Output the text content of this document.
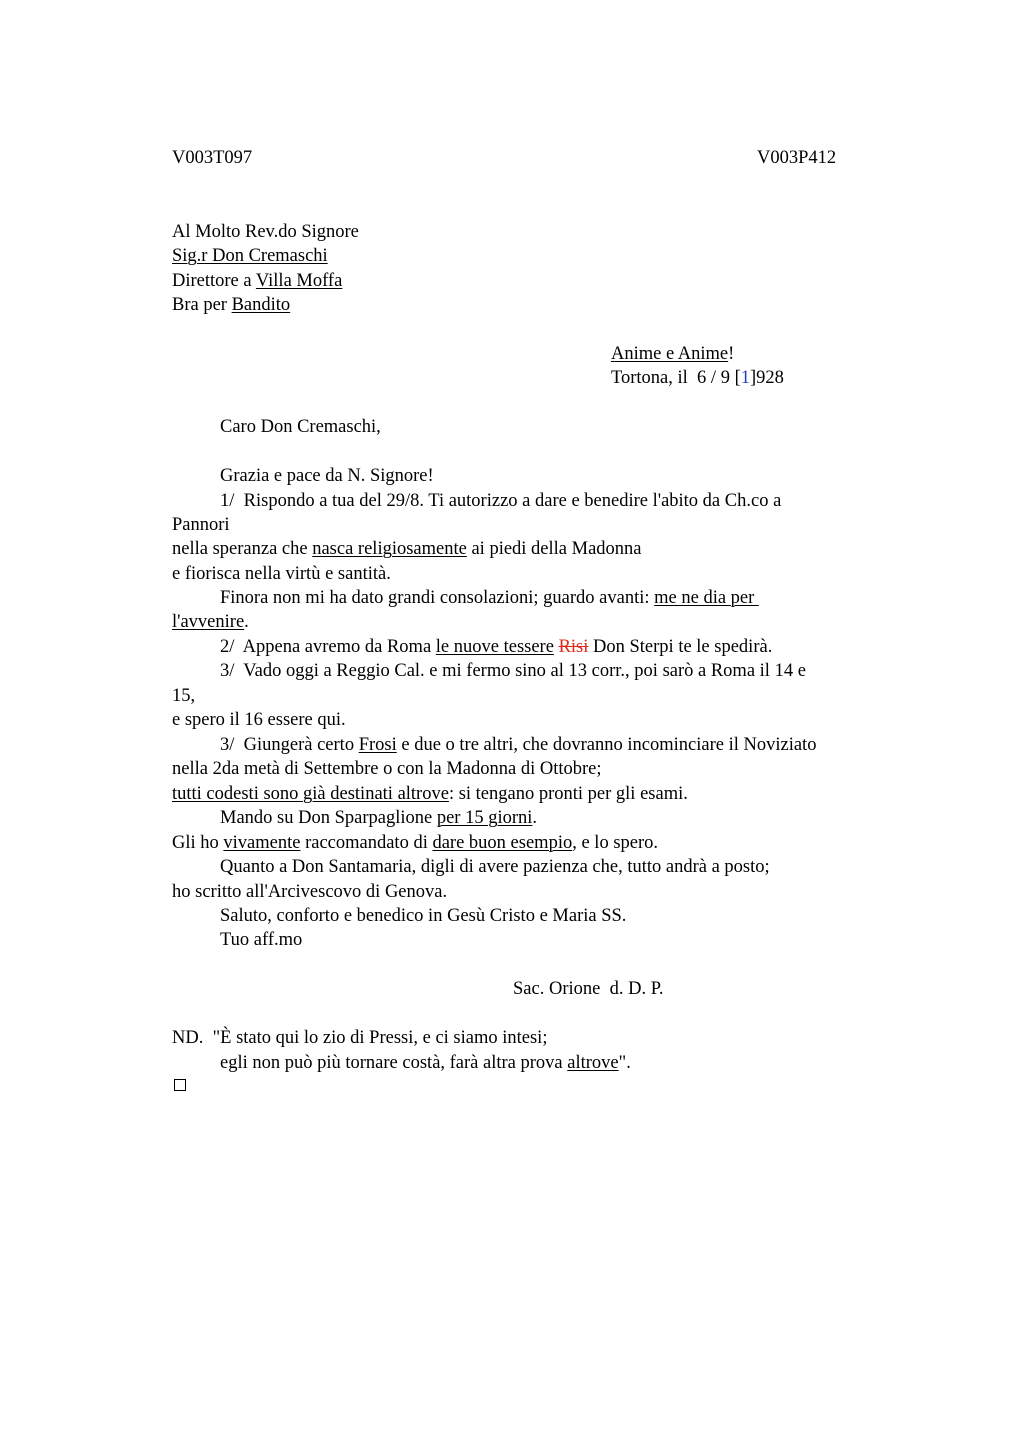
V003T097	V003P412
Al Molto Rev.do Signore
Sig.r Don Cremaschi
Direttore a Villa Moffa
Bra per Bandito
Anime e Anime!
Tortona, il  6 / 9 [1]928
Caro Don Cremaschi,
Grazia e pace da N. Signore!
1/  Rispondo a tua del 29/8. Ti autorizzo a dare e benedire l'abito da Ch.co a
Pannori
nella speranza che nasca religiosamente ai piedi della Madonna
e fiorisca nella virtù e santità.
Finora non mi ha dato grandi consolazioni; guardo avanti: me ne dia per
l'avvenire.
2/  Appena avremo da Roma le nuove tessere Risi Don Sterpi te le spedirà.
3/  Vado oggi a Reggio Cal. e mi fermo sino al 13 corr., poi sarò a Roma il 14 e
15,
e spero il 16 essere qui.
3/  Giungerà certo Frosi e due o tre altri, che dovranno incominciare il Noviziato
nella 2da metà di Settembre o con la Madonna di Ottobre;
tutti codesti sono già destinati altrove: si tengano pronti per gli esami.
Mando su Don Sparpaglione per 15 giorni.
Gli ho vivamente raccomandato di dare buon esempio, e lo spero.
Quanto a Don Santamaria, digli di avere pazienza che, tutto andrà a posto;
ho scritto all'Arcivescovo di Genova.
Saluto, conforto e benedico in Gesù Cristo e Maria SS.
Tuo aff.mo
Sac. Orione  d. D. P.
ND.  "È stato qui lo zio di Pressi, e ci siamo intesi;
egli non può più tornare costà, farà altra prova altrove".
